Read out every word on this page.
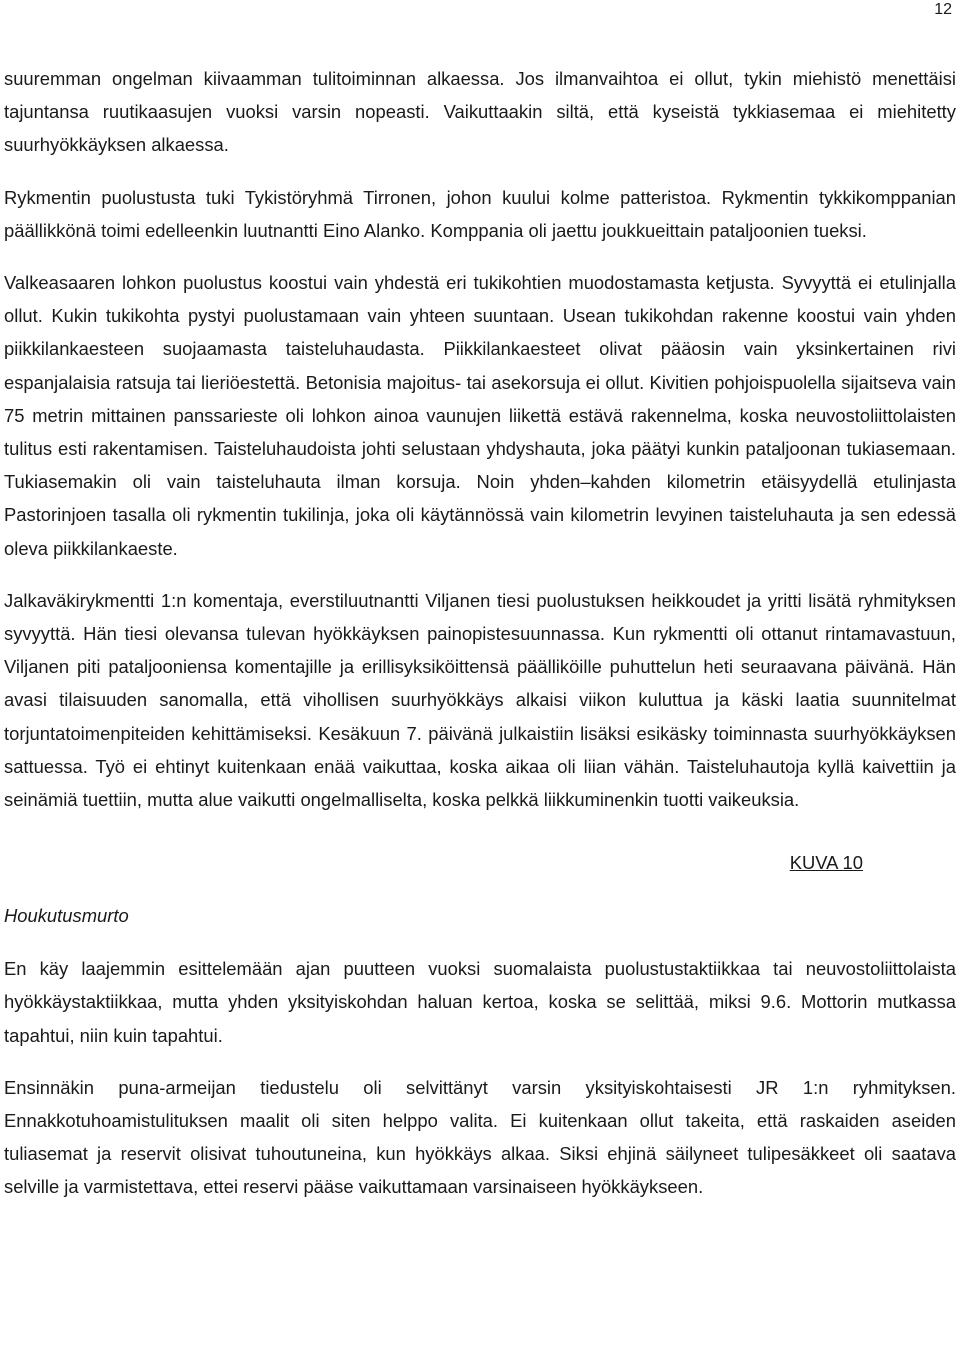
12

suuremman ongelman kiivaamman tulitoiminnan alkaessa. Jos ilmanvaihtoa ei ollut, tykin miehistö menettäisi tajuntansa ruutikaasujen vuoksi varsin nopeasti. Vaikuttaakin siltä, että kyseistä tykkiasemaa ei miehitetty suurhyökkäyksen alkaessa.

Rykmentin puolustusta tuki Tykistöryhmä Tirronen, johon kuului kolme patteristoa. Rykmentin tykkikomppanian päällikkönä toimi edelleenkin luutnantti Eino Alanko. Komppania oli jaettu joukkueittain pataljoonien tueksi.

Valkeasaaren lohkon puolustus koostui vain yhdestä eri tukikohtien muodostamasta ketjusta. Syvyyttä ei etulinjalla ollut. Kukin tukikohta pystyi puolustamaan vain yhteen suuntaan. Usean tukikohdan rakenne koostui vain yhden piikkilankaesteen suojaamasta taisteluhaudasta. Piikkilankaesteet olivat pääosin vain yksinkertainen rivi espanjalaisia ratsuja tai lieriöestettä. Betonisia majoitus- tai asekorsuja ei ollut. Kivitien pohjoispuolella sijaitseva vain 75 metrin mittainen panssarieste oli lohkon ainoa vaunujen liikettä estävä rakennelma, koska neuvostoliittolaisten tulitus esti rakentamisen. Taisteluhaudoista johti selustaan yhdyshauta, joka päätyi kunkin pataljoonan tukiasemaan. Tukiasemakin oli vain taisteluhauta ilman korsuja. Noin yhden–kahden kilometrin etäisyydellä etulinjasta Pastorinjoen tasalla oli rykmentin tukilinja, joka oli käytännössä vain kilometrin levyinen taisteluhauta ja sen edessä oleva piikkilankaeste.

Jalkaväkirykmentti 1:n komentaja, everstiluutnantti Viljanen tiesi puolustuksen heikkoudet ja yritti lisätä ryhmityksen syvyyttä. Hän tiesi olevansa tulevan hyökkäyksen painopistesuunnassa. Kun rykmentti oli ottanut rintamavastuun, Viljanen piti pataljooniensa komentajille ja erillisyksiköittensä päälliköille puhuttelun heti seuraavana päivänä. Hän avasi tilaisuuden sanomalla, että vihollisen suurhyökkäys alkaisi viikon kuluttua ja käski laatia suunnitelmat torjuntatoimenpiteiden kehittämiseksi. Kesäkuun 7. päivänä julkaistiin lisäksi esikäsky toiminnasta suurhyökkäyksen sattuessa. Työ ei ehtinyt kuitenkaan enää vaikuttaa, koska aikaa oli liian vähän. Taisteluhautoja kyllä kaivettiin ja seinämiä tuettiin, mutta alue vaikutti ongelmalliselta, koska pelkkä liikkuminenkin tuotti vaikeuksia.

KUVA 10

Houkutusmurto

En käy laajemmin esittelemään ajan puutteen vuoksi suomalaista puolustustaktiikkaa tai neuvostoliittolaista hyökkäystaktiikkaa, mutta yhden yksityiskohdan haluan kertoa, koska se selittää, miksi 9.6. Mottorin mutkassa tapahtui, niin kuin tapahtui.

Ensinnäkin puna-armeijan tiedustelu oli selvittänyt varsin yksityiskohtaisesti JR 1:n ryhmityksen. Ennakkotuhoamistulituksen maalit oli siten helppo valita. Ei kuitenkaan ollut takeita, että raskaiden aseiden tuliasemat ja reservit olisivat tuhoutuneina, kun hyökkäys alkaa. Siksi ehjinä säilyneet tulipesäkkeet oli saatava selville ja varmistettava, ettei reservi pääse vaikuttamaan varsinaiseen hyökkäykseen.
